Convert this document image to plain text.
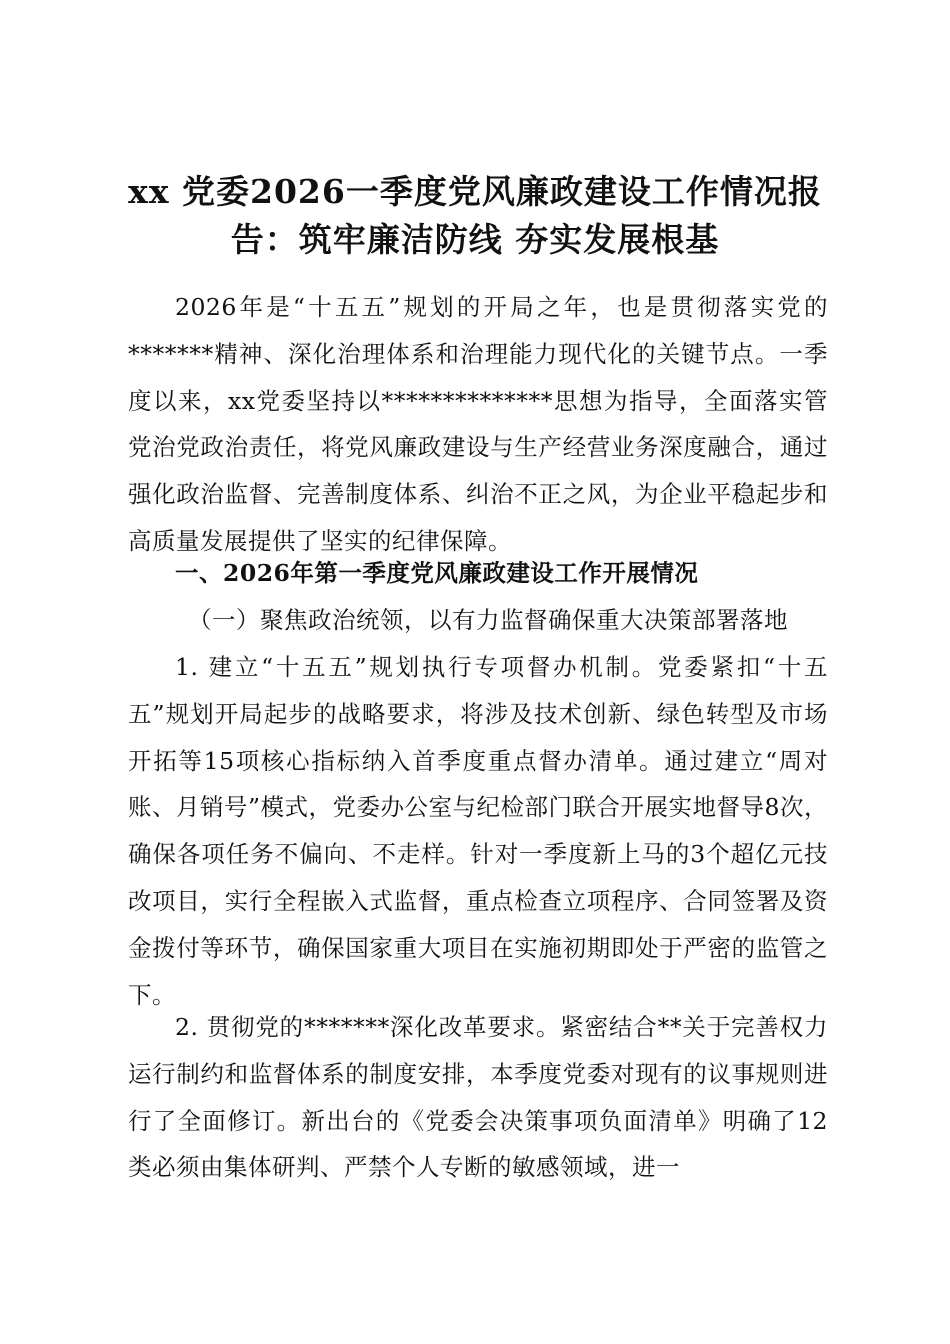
xx 党委2026一季度党风廉政建设工作情况报告：筑牢廉洁防线 夯实发展根基

2026年是“十五五”规划的开局之年，也是贯彻落实党的*******精神、深化治理体系和治理能力现代化的关键节点。一季度以来，xx党委坚持以**************思想为指导，全面落实管党治党政治责任，将党风廉政建设与生产经营业务深度融合，通过强化政治监督、完善制度体系、纠治不正之风，为企业平稳起步和高质量发展提供了坚实的纪律保障。

一、2026年第一季度党风廉政建设工作开展情况

（一）聚焦政治统领，以有力监督确保重大决策部署落地

1. 建立“十五五”规划执行专项督办机制。党委紧扣“十五五”规划开局起步的战略要求，将涉及技术创新、绿色转型及市场开拓等15项核心指标纳入首季度重点督办清单。通过建立“周对账、月销号”模式，党委办公室与纪检部门联合开展实地督导8次，确保各项任务不偏向、不走样。针对一季度新上马的3个超亿元技改项目，实行全程嵌入式监督，重点检查立项程序、合同签署及资金拨付等环节，确保国家重大项目在实施初期即处于严密的监管之下。

2. 贯彻党的*******深化改革要求。紧密结合**关于完善权力运行制约和监督体系的制度安排，本季度党委对现有的议事规则进行了全面修订。新出台的《党委会决策事项负面清单》明确了12类必须由集体研判、严禁个人专断的敏感领域，进一
